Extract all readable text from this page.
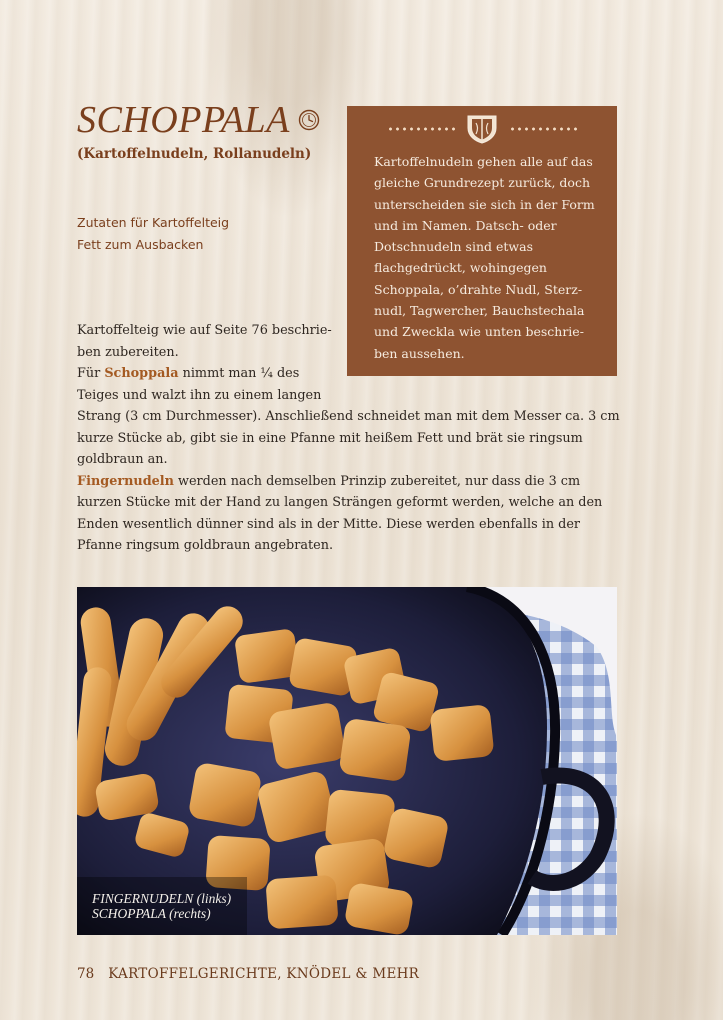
SCHOPPALA
(Kartoffelnudeln, Rollanudeln)
Zutaten für Kartoffelteig
Fett zum Ausbacken
Kartoffelnudeln gehen alle auf das gleiche Grundrezept zurück, doch unterscheiden sie sich in der Form und im Namen. Datsch- oder Dotschnudeln sind etwas flachgedrückt, wohingegen Schoppala, o’drahte Nudl, Sterz-nudl, Tagwercher, Bauchstechala und Zweckla wie unten beschrie-ben aussehen.

Kartoffelteig wie auf Seite 76 beschrie-
ben zubereiten.

Für Schoppala nimmt man ¼ des
Teiges und walzt ihn zu einem langen
Strang (3 cm Durchmesser). Anschließend schneidet man mit dem Messer ca. 3 cm kurze Stücke ab, gibt sie in eine Pfanne mit heißem Fett und brät sie ringsum goldbraun an.

Fingernudeln werden nach demselben Prinzip zubereitet, nur dass die 3 cm kurzen Stücke mit der Hand zu langen Strängen geformt werden, welche an den Enden wesentlich dünner sind als in der Mitte. Diese werden ebenfalls in der Pfanne ringsum goldbraun angebraten.

FINGERNUDELN (links)
SCHOPPALA (rechts)
78 KARTOFFELGERICHTE, KNÖDEL & MEHR
